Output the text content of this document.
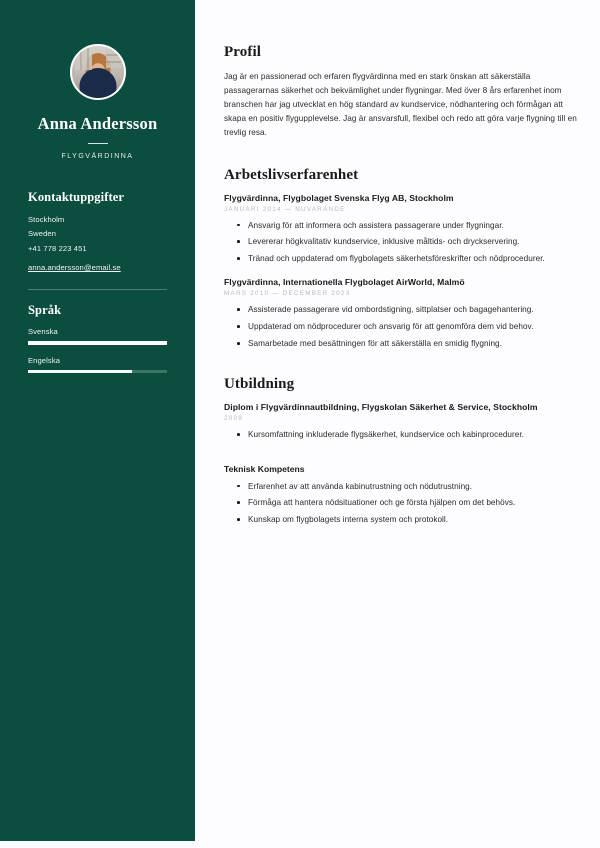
Anna Andersson
FLYGVÄRDINNA
Kontaktuppgifter
Stockholm
Sweden
+41 778 223 451
anna.andersson@email.se
Språk
Svenska
Engelska
Profil

Jag är en passionerad och erfaren flygvärdinna med en stark önskan att säkerställa passagerarnas säkerhet och bekvämlighet under flygningar. Med över 8 års erfarenhet inom branschen har jag utvecklat en hög standard av kundservice, nödhantering och förmågan att skapa en positiv flygupplevelse. Jag är ansvarsfull, flexibel och redo att göra varje flygning till en trevlig resa.

Arbetslivserfarenhet
Flygvärdinna, Flygbolaget Svenska Flyg AB, Stockholm
JANUARI 2014 — NUVARANDE
Ansvarig för att informera och assistera passagerare under flygningar.
Levererar högkvalitativ kundservice, inklusive måltids- och dryckservering.
Tränad och uppdaterad om flygbolagets säkerhetsföreskrifter och nödprocedurer.
Flygvärdinna, Internationella Flygbolaget AirWorld, Malmö
MARS 2010 — DECEMBER 2023
Assisterade passagerare vid ombordstigning, sittplatser och bagagehantering.
Uppdaterad om nödprocedurer och ansvarig för att genomföra dem vid behov.
Samarbetade med besättningen för att säkerställa en smidig flygning.
Utbildning
Diplom i Flygvärdinnautbildning, Flygskolan Säkerhet & Service, Stockholm
2009
Kursomfattning inkluderade flygsäkerhet, kundservice och kabinprocedurer.
Teknisk Kompetens
Erfarenhet av att använda kabinutrustning och nödutrustning.
Förmåga att hantera nödsituationer och ge första hjälpen om det behövs.
Kunskap om flygbolagets interna system och protokoll.
